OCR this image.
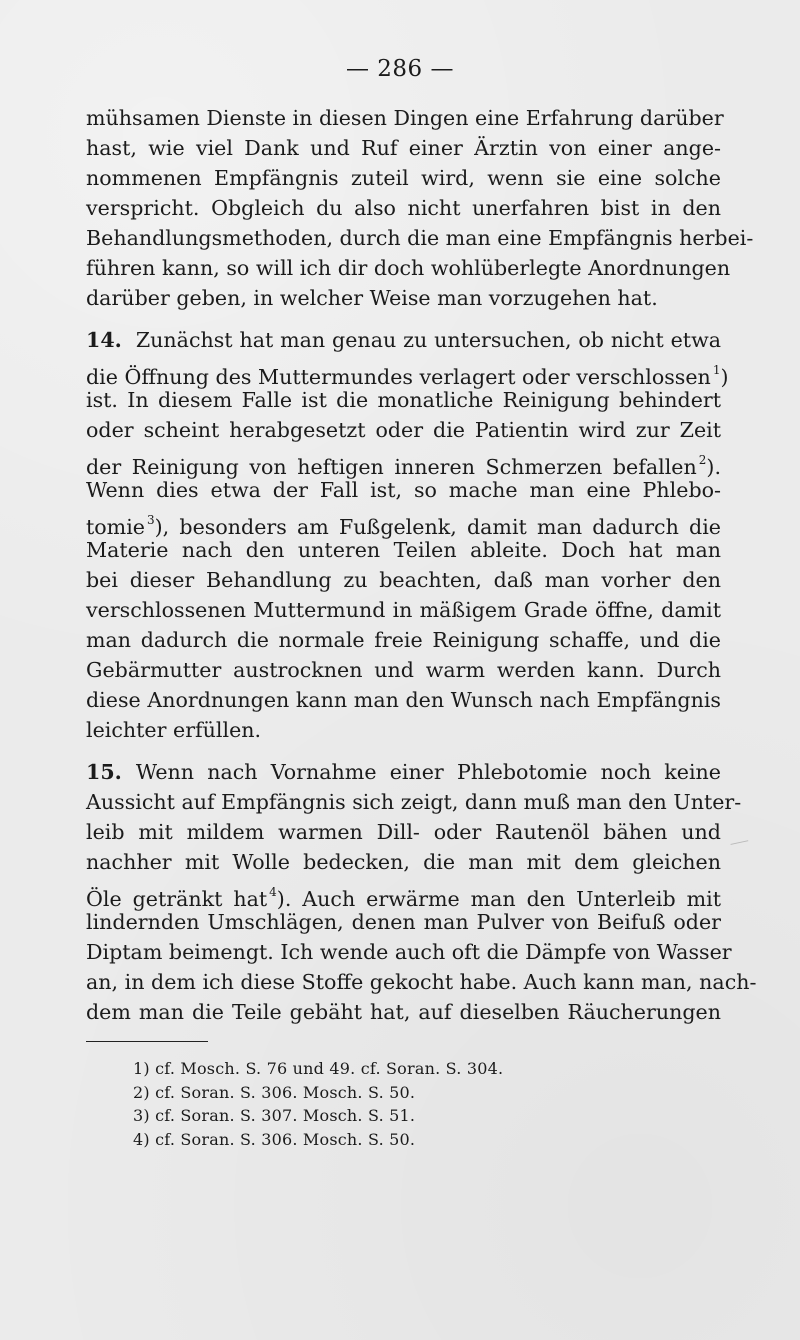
— 286 —

mühsamen Dienste in diesen Dingen eine Erfahrung darüber
hast, wie viel Dank und Ruf einer Ärztin von einer ange-
nommenen Empfängnis zuteil wird, wenn sie eine solche
verspricht. Obgleich du also nicht unerfahren bist in den
Behandlungsmethoden, durch die man eine Empfängnis herbei-
führen kann, so will ich dir doch wohlüberlegte Anordnungen
darüber geben, in welcher Weise man vorzugehen hat.

14. Zunächst hat man genau zu untersuchen, ob nicht etwa
die Öffnung des Muttermundes verlagert oder verschlossen $^1$)
ist. In diesem Falle ist die monatliche Reinigung behindert
oder scheint herabgesetzt oder die Patientin wird zur Zeit
der Reinigung von heftigen inneren Schmerzen befallen $^2$).
Wenn dies etwa der Fall ist, so mache man eine Phlebo-
tomie $^3$), besonders am Fußgelenk, damit man dadurch die
Materie nach den unteren Teilen ableite. Doch hat man
bei dieser Behandlung zu beachten, daß man vorher den
verschlossenen Muttermund in mäßigem Grade öffne, damit
man dadurch die normale freie Reinigung schaffe, und die
Gebärmutter austrocknen und warm werden kann. Durch
diese Anordnungen kann man den Wunsch nach Empfängnis
leichter erfüllen.

15. Wenn nach Vornahme einer Phlebotomie noch keine
Aussicht auf Empfängnis sich zeigt, dann muß man den Unter-
leib mit mildem warmen Dill- oder Rautenöl bähen und
nachher mit Wolle bedecken, die man mit dem gleichen
Öle getränkt hat $^4$). Auch erwärme man den Unterleib mit
lindernden Umschlägen, denen man Pulver von Beifuß oder
Diptam beimengt. Ich wende auch oft die Dämpfe von Wasser
an, in dem ich diese Stoffe gekocht habe. Auch kann man, nach-
dem man die Teile gebäht hat, auf dieselben Räucherungen

1) cf. Mosch. S. 76 und 49. cf. Soran. S. 304.
2) cf. Soran. S. 306. Mosch. S. 50.
3) cf. Soran. S. 307. Mosch. S. 51.
4) cf. Soran. S. 306. Mosch. S. 50.
